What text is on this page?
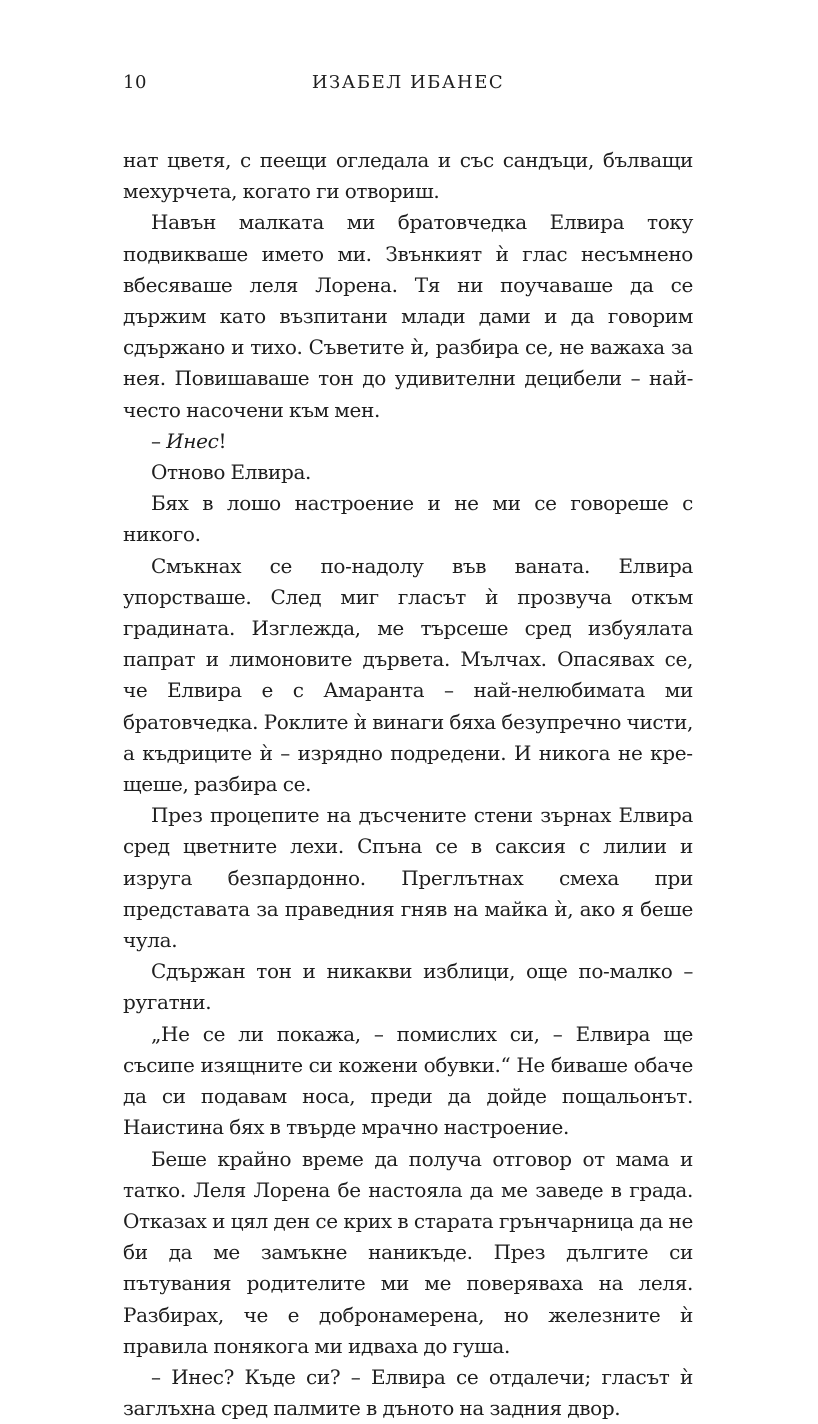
10	ИЗАБЕЛ ИБАНЕС

нат цветя, с пеещи огледала и със сандъци, бълващи мехурчета, когато ги отвориш.

Навън малката ми братовчедка Елвира току подвикваше името ми. Звънкият ѝ глас несъмнено вбесяваше леля Лорена. Тя ни поучаваше да се държим като възпитани млади дами и да говорим сдържано и тихо. Съветите ѝ, разбира се, не важаха за нея. Повишаваше тон до удивителни децибели – най-често насочени към мен.

– Инес!

Отново Елвира.

Бях в лошо настроение и не ми се говореше с никого.

Смъкнах се по-надолу във ваната. Елвира упорстваше. След миг гласът ѝ прозвуча откъм градината. Изглежда, ме търсеше сред избуялата папрат и лимоновите дървета. Мълчах. Опасявах се, че Елвира е с Амаранта – най-нелюбимата ми братовчедка. Роклите ѝ винаги бяха безупречно чисти, а къдриците ѝ – изрядно подредени. И никога не крещеше, разбира се.

През процепите на дъсчените стени зърнах Елвира сред цветните лехи. Спъна се в саксия с лилии и изруга безпардонно. Преглътнах смеха при представата за праведния гняв на майка ѝ, ако я беше чула.

Сдържан тон и никакви изблици, още по-малко – ругатни.

„Не се ли покажа, – помислих си, – Елвира ще съсипе изящните си кожени обувки.“ Не биваше обаче да си подавам носа, преди да дойде пощальонът. Наистина бях в твърде мрачно настроение.

Беше крайно време да получа отговор от мама и татко. Леля Лорена бе настояла да ме заведе в града. Отказах и цял ден се крих в старата грънчарница да не би да ме замъкне наникъде. През дългите си пътувания родителите ми ме поверяваха на леля. Разбирах, че е добронамерена, но железните ѝ правила понякога ми идваха до гуша.

– Инес? Къде си? – Елвира се отдалечи; гласът ѝ заглъхна сред палмите в дъното на задния двор.
